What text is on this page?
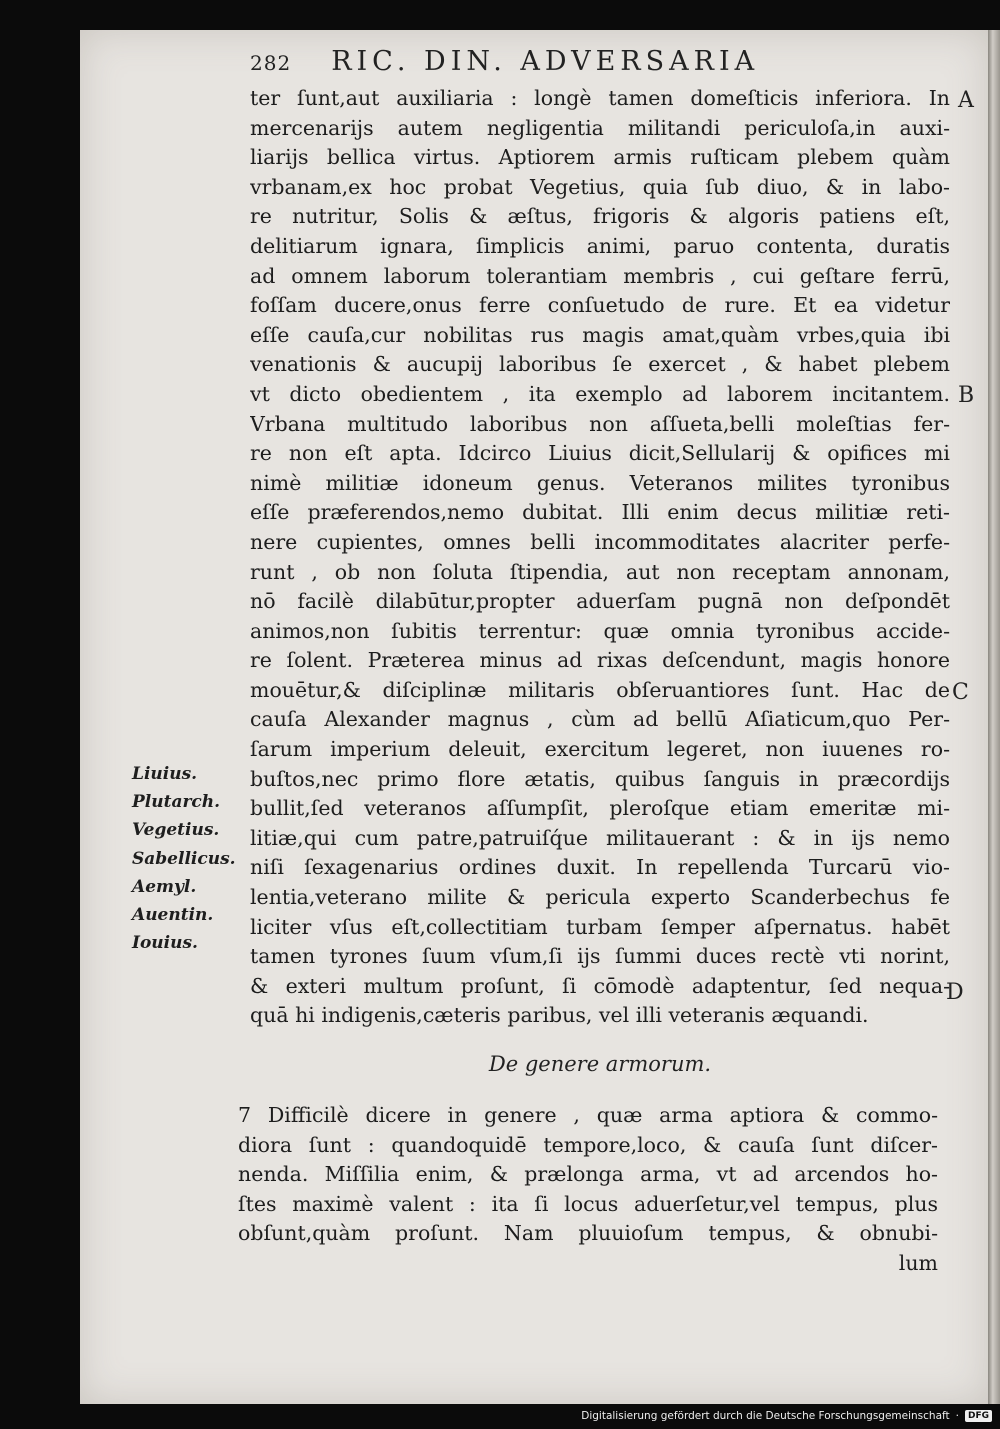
282 RIC. DIN. ADVERSARIA
ter ſunt,aut auxiliaria : longè tamen domeſticis inferiora. In
mercenarijs autem negligentia militandi periculoſa,in auxi-
liarijs bellica virtus. Aptiorem armis ruſticam plebem quàm
vrbanam,ex hoc probat Vegetius, quia ſub diuo, & in labo-
re nutritur, Solis & æſtus, frigoris & algoris patiens eſt,
delitiarum ignara, ſimplicis animi, paruo contenta, duratis
ad omnem laborum tolerantiam membris , cui geſtare ferrū,
foſſam ducere,onus ferre conſuetudo de rure. Et ea videtur
eſſe cauſa,cur nobilitas rus magis amat,quàm vrbes,quia ibi
venationis & aucupij laboribus ſe exercet , & habet plebem
vt dicto obedientem , ita exemplo ad laborem incitantem.
Vrbana multitudo laboribus non aſſueta,belli moleſtias fer-
re non eſt apta. Idcirco Liuius dicit,Sellularij & opifices mi
nimè militiæ idoneum genus. Veteranos milites tyronibus
eſſe præferendos,nemo dubitat. Illi enim decus militiæ reti-
nere cupientes, omnes belli incommoditates alacriter perfe-
runt , ob non ſoluta ſtipendia, aut non receptam annonam,
nō facilè dilabūtur,propter aduerſam pugnā non deſpondēt
animos,non ſubitis terrentur: quæ omnia tyronibus accide-
re ſolent. Præterea minus ad rixas deſcendunt, magis honore
mouētur,& diſciplinæ militaris obſeruantiores ſunt. Hac de
cauſa Alexander magnus , cùm ad bellū Aſiaticum,quo Per-
ſarum imperium deleuit, exercitum legeret, non iuuenes ro-
buſtos,nec primo flore ætatis, quibus ſanguis in præcordijs
bullit,ſed veteranos aſſumpſit, pleroſque etiam emeritæ mi-
litiæ,qui cum patre,patruiſq́ue militauerant : & in ijs nemo
niſi ſexagenarius ordines duxit. In repellenda Turcarū vio-
lentia,veterano milite & pericula experto Scanderbechus fe
liciter vſus eſt,collectitiam turbam ſemper aſpernatus. habēt
tamen tyrones ſuum vſum,ſi ijs ſummi duces rectè vti norint,
& exteri multum proſunt, ſi cōmodè adaptentur, ſed nequa-
quā hi indigenis,cæteris paribus, vel illi veteranis æquandi.
A
B
C
D
Liuius.
Plutarch.
Vegetius.
Sabellicus.
Aemyl.
Auentin.
Iouius.
De genere armorum.
7 Difficilè dicere in genere , quæ arma aptiora & commo-
diora ſunt : quandoquidē tempore,loco, & cauſa ſunt diſcer-
nenda. Miſſilia enim, & prælonga arma, vt ad arcendos ho-
ſtes maximè valent : ita ſi locus aduerſetur,vel tempus, plus
obſunt,quàm proſunt. Nam pluuioſum tempus, & obnubi-
lum
Digitalisierung gefördert durch die Deutsche Forschungsgemeinschaft ·	DFG
